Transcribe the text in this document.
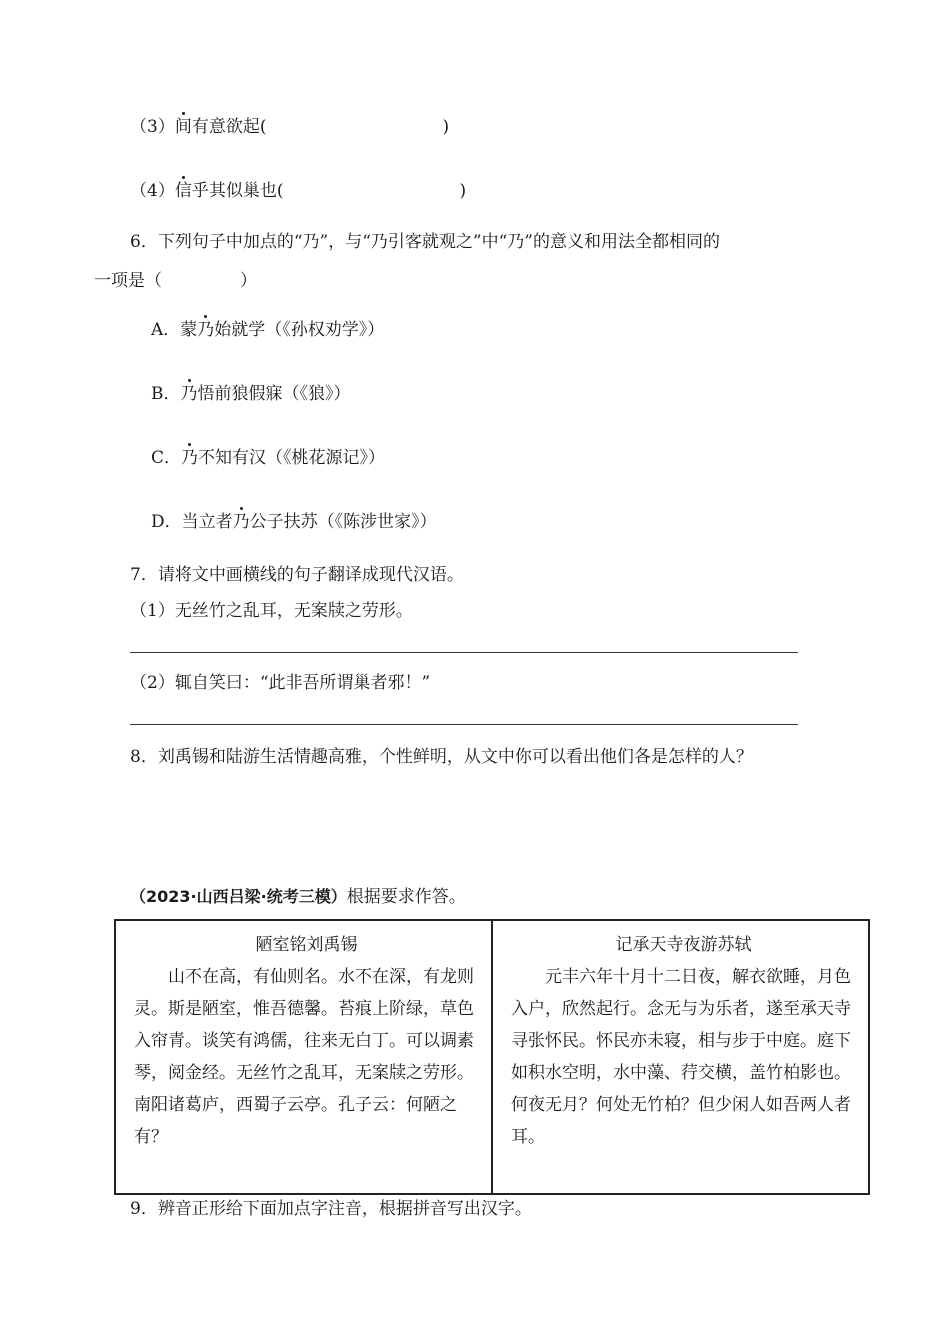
（3）间有意欲起(	)
（4）信乎其似巢也(	)
6．下列句子中加点的“乃”，与“乃引客就观之”中“乃”的意义和用法全都相同的
一项是（	）
A．蒙乃始就学（《孙权劝学》）
B．乃悟前狼假寐（《狼》）
C．乃不知有汉（《桃花源记》）
D．当立者乃公子扶苏（《陈涉世家》）
7．请将文中画横线的句子翻译成现代汉语。
（1）无丝竹之乱耳，无案牍之劳形。
（2）辄自笑曰：“此非吾所谓巢者邪！”
8．刘禹锡和陆游生活情趣高雅，个性鲜明，从文中你可以看出他们各是怎样的人？
（2023·山西吕梁·统考三模）根据要求作答。
陋室铭刘禹锡
山不在高，有仙则名。水不在深，有龙则灵。斯是陋室，惟吾德馨。苔痕上阶绿，草色入帘青。谈笑有鸿儒，往来无白丁。可以调素琴，阅金经。无丝竹之乱耳，无案牍之劳形。南阳诸葛庐，西蜀子云亭。孔子云：何陋之有？

记承天寺夜游苏轼
元丰六年十月十二日夜，解衣欲睡，月色入户，欣然起行。念无与为乐者，遂至承天寺寻张怀民。怀民亦未寝，相与步于中庭。庭下如积水空明，水中藻、荇交横，盖竹柏影也。何夜无月？何处无竹柏？但少闲人如吾两人者耳。
9．辨音正形给下面加点字注音，根据拼音写出汉字。
